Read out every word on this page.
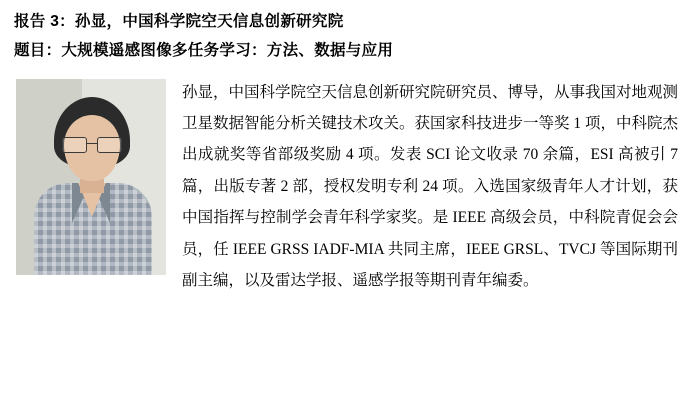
报告 3：孙显，中国科学院空天信息创新研究院

题目：大规模遥感图像多任务学习：方法、数据与应用

孙显，中国科学院空天信息创新研究院研究员、博导，从事我国对地观测卫星数据智能分析关键技术攻关。获国家科技进步一等奖 1 项，中科院杰出成就奖等省部级奖励 4 项。发表 SCI 论文收录 70 余篇，ESI 高被引 7 篇，出版专著 2 部，授权发明专利 24 项。入选国家级青年人才计划，获中国指挥与控制学会青年科学家奖。是 IEEE 高级会员，中科院青促会会员，任 IEEE GRSS IADF-MIA 共同主席，IEEE GRSL、TVCJ 等国际期刊副主编，以及雷达学报、遥感学报等期刊青年编委。
